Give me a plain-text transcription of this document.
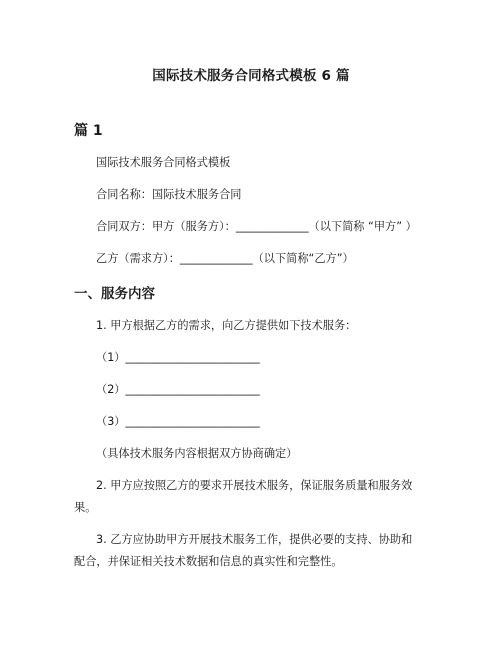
国际技术服务合同格式模板 6 篇
篇 1
国际技术服务合同格式模板
合同名称：国际技术服务合同
合同双方：甲方（服务方）：_____________（以下简称 “甲方” ）
乙方（需求方）：_____________（以下简称“乙方”）
一、服务内容
1. 甲方根据乙方的需求，向乙方提供如下技术服务：
（1）________________________
（2）________________________
（3）________________________
（具体技术服务内容根据双方协商确定）
2. 甲方应按照乙方的要求开展技术服务，保证服务质量和服务效
果。
3. 乙方应协助甲方开展技术服务工作，提供必要的支持、协助和
配合，并保证相关技术数据和信息的真实性和完整性。
